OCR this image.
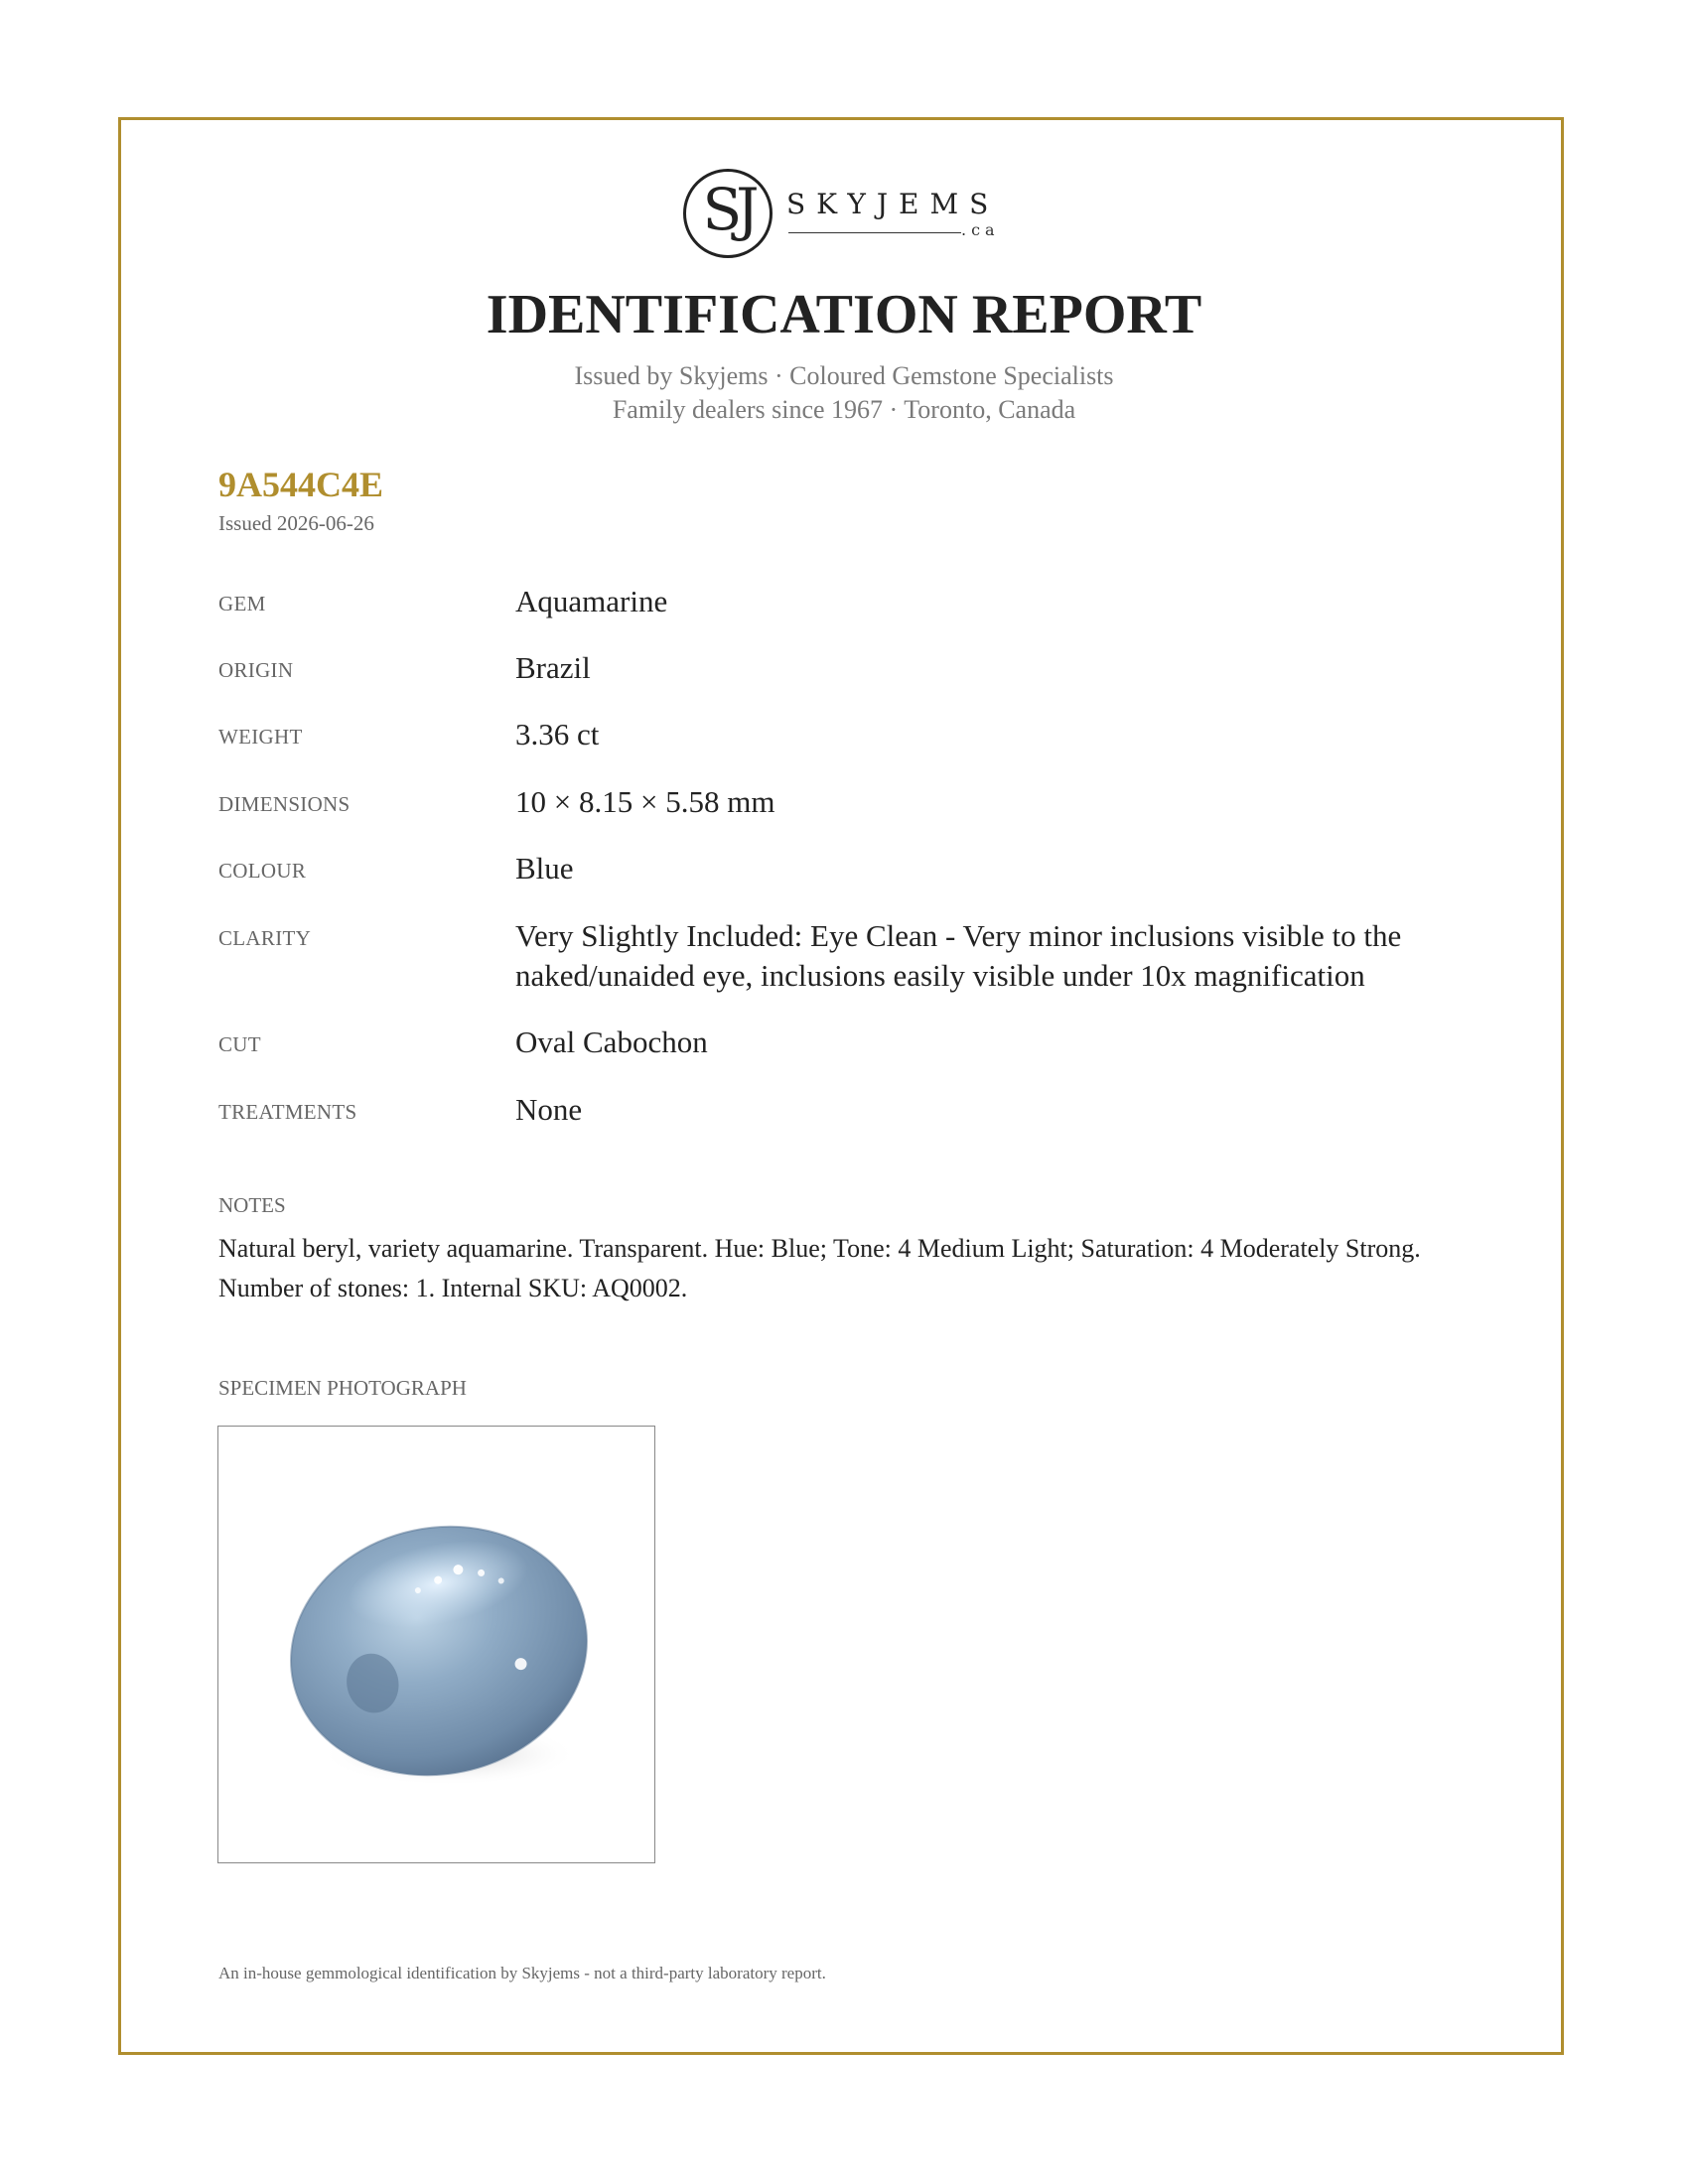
SJ	SKYJEMS
.ca
IDENTIFICATION REPORT
Issued by Skyjems · Coloured Gemstone Specialists
Family dealers since 1967 · Toronto, Canada
9A544C4E
Issued 2026-06-26
GEM	Aquamarine
ORIGIN	Brazil
WEIGHT	3.36 ct
DIMENSIONS	10 × 8.15 × 5.58 mm
COLOUR	Blue
CLARITY	Very Slightly Included: Eye Clean - Very minor inclusions visible to the naked/unaided eye, inclusions easily visible under 10x magnification
CUT	Oval Cabochon
TREATMENTS	None
NOTES
Natural beryl, variety aquamarine. Transparent. Hue: Blue; Tone: 4 Medium Light; Saturation: 4 Moderately Strong. Number of stones: 1. Internal SKU: AQ0002.
SPECIMEN PHOTOGRAPH
An in-house gemmological identification by Skyjems - not a third-party laboratory report.
